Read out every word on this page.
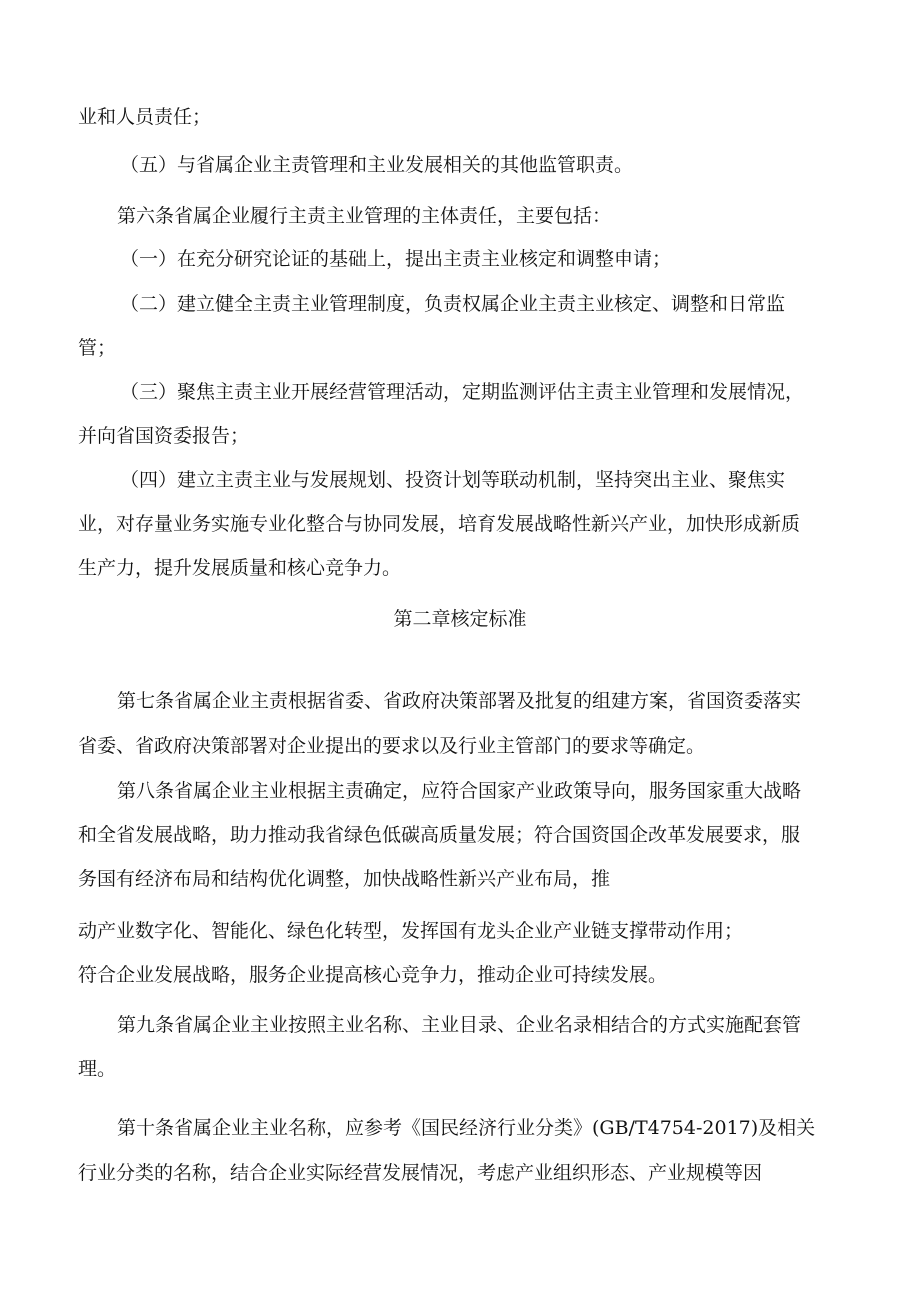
业和人员责任；

（五）与省属企业主责管理和主业发展相关的其他监管职责。

第六条省属企业履行主责主业管理的主体责任，主要包括：

（一）在充分研究论证的基础上，提出主责主业核定和调整申请；

（二）建立健全主责主业管理制度，负责权属企业主责主业核定、调整和日常监

管；

（三）聚焦主责主业开展经营管理活动，定期监测评估主责主业管理和发展情况，

并向省国资委报告；

（四）建立主责主业与发展规划、投资计划等联动机制，坚持突出主业、聚焦实

业，对存量业务实施专业化整合与协同发展，培育发展战略性新兴产业，加快形成新质

生产力，提升发展质量和核心竞争力。

第二章核定标准

第七条省属企业主责根据省委、省政府决策部署及批复的组建方案，省国资委落实

省委、省政府决策部署对企业提出的要求以及行业主管部门的要求等确定。

第八条省属企业主业根据主责确定，应符合国家产业政策导向，服务国家重大战略

和全省发展战略，助力推动我省绿色低碳高质量发展；符合国资国企改革发展要求，服

务国有经济布局和结构优化调整，加快战略性新兴产业布局，推

动产业数字化、智能化、绿色化转型，发挥国有龙头企业产业链支撑带动作用；

符合企业发展战略，服务企业提高核心竞争力，推动企业可持续发展。

第九条省属企业主业按照主业名称、主业目录、企业名录相结合的方式实施配套管

理。

第十条省属企业主业名称，应参考《国民经济行业分类》(GB/T4754-2017)及相关

行业分类的名称，结合企业实际经营发展情况，考虑产业组织形态、产业规模等因
